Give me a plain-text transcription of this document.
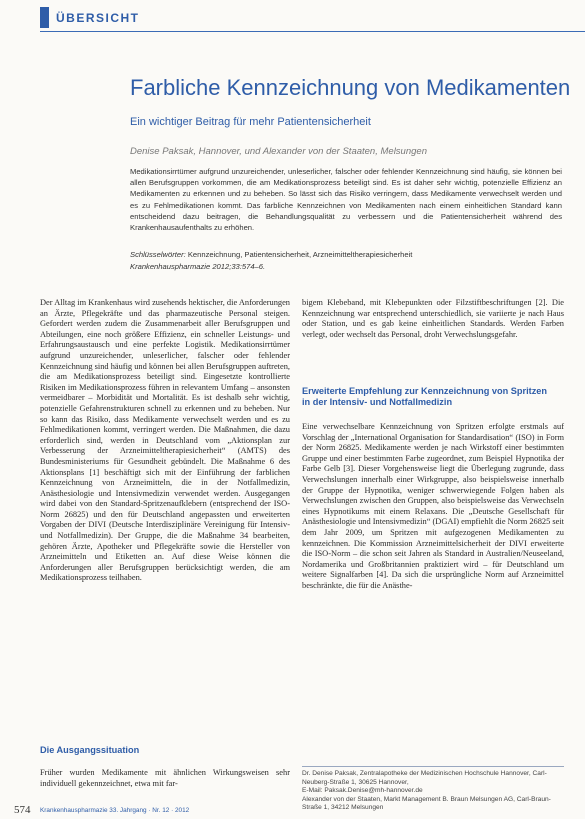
ÜBERSICHT
Farbliche Kennzeichnung von Medikamenten
Ein wichtiger Beitrag für mehr Patientensicherheit
Denise Paksak, Hannover, und Alexander von der Staaten, Melsungen

Medikationsirrtümer aufgrund unzureichender, unleserlicher, falscher oder fehlender Kennzeichnung sind häufig, sie können bei allen Berufsgruppen vorkommen, die am Medikationsprozess beteiligt sind. Es ist daher sehr wichtig, potenzielle Effizienz an Medikamenten zu erkennen und zu beheben. So lässt sich das Risiko verringern, dass Medikamente verwechselt werden und es zu Fehlmedikationen kommt. Das farbliche Kennzeichnen von Medikamenten nach einem einheitlichen Standard kann entscheidend dazu beitragen, die Behandlungsqualität zu verbessern und die Patientensicherheit während des Krankenhausaufenthalts zu erhöhen.

Schlüsselwörter: Kennzeichnung, Patientensicherheit, Arzneimitteltherapiesicherheit

Krankenhauspharmazie 2012;33:574–6.

Der Alltag im Krankenhaus wird zusehends hektischer, die Anforderungen an Ärzte, Pflegekräfte und das pharmazeutische Personal steigen. Gefordert werden zudem die Zusammenarbeit aller Berufsgruppen und Abteilungen, eine noch größere Effizienz, ein schneller Leistungs- und Erfahrungsaustausch und eine perfekte Logistik. Medikationsirrtümer aufgrund unzureichender, unleserlicher, falscher oder fehlender Kennzeichnung sind häufig und können bei allen Berufsgruppen auftreten, die am Medikationsprozess beteiligt sind. Eingesetzte kontrollierte Risiken im Medikationsprozess führen in relevantem Umfang – ansonsten vermeidbarer – Morbidität und Mortalität. Es ist deshalb sehr wichtig, potenzielle Gefahrenstrukturen schnell zu erkennen und zu beheben. Nur so kann das Risiko, dass Medikamente verwechselt werden und es zu Fehlmedikationen kommt, verringert werden. Die Maßnahmen, die dazu erforderlich sind, werden in Deutschland vom „Aktionsplan zur Verbesserung der Arzneimitteltherapiesicherheit“ (AMTS) des Bundesministeriums für Gesundheit gebündelt. Die Maßnahme 6 des Aktionsplans [1] beschäftigt sich mit der Einführung der farblichen Kennzeichnung von Arzneimitteln, die in der Notfallmedizin, Anästhesiologie und Intensivmedizin verwendet werden. Ausgegangen wird dabei von den Standard-Spritzenaufklebern (entsprechend der ISO-Norm 26825) und den für Deutschland angepassten und erweiterten Vorgaben der DIVI (Deutsche Interdisziplinäre Vereinigung für Intensiv- und Notfallmedizin). Der Gruppe, die die Maßnahme 34 bearbeiten, gehören Ärzte, Apotheker und Pflegekräfte sowie die Hersteller von Arzneimitteln und Etiketten an. Auf diese Weise können die Anforderungen aller Berufsgruppen berücksichtigt werden, die am Medikationsprozess teilhaben.

Die Ausgangssituation

Früher wurden Medikamente mit ähnlichen Wirkungsweisen sehr individuell gekennzeichnet, etwa mit far-

bigem Klebeband, mit Klebepunkten oder Filzstiftbeschriftungen [2]. Die Kennzeichnung war entsprechend unterschiedlich, sie variierte je nach Haus oder Station, und es gab keine einheitlichen Standards. Werden Farben verlegt, oder wechselt das Personal, droht Verwechslungsgefahr.

Erweiterte Empfehlung zur Kennzeichnung von Spritzen in der Intensiv- und Notfallmedizin

Eine verwechselbare Kennzeichnung von Spritzen erfolgte erstmals auf Vorschlag der „International Organisation for Standardisation“ (ISO) in Form der Norm 26825. Medikamente werden je nach Wirkstoff einer bestimmten Gruppe und einer bestimmten Farbe zugeordnet, zum Beispiel Hypnotika der Farbe Gelb [3]. Dieser Vorgehensweise liegt die Überlegung zugrunde, dass Verwechslungen innerhalb einer Wirkgruppe, also beispielsweise innerhalb der Gruppe der Hypnotika, weniger schwerwiegende Folgen haben als Verwechslungen zwischen den Gruppen, also beispielsweise das Verwechseln eines Hypnotikums mit einem Relaxans. Die „Deutsche Gesellschaft für Anästhesiologie und Intensivmedizin“ (DGAI) empfiehlt die Norm 26825 seit dem Jahr 2009, um Spritzen mit aufgezogenen Medikamenten zu kennzeichnen. Die Kommission Arzneimittelsicherheit der DIVI erweiterte die ISO-Norm – die schon seit Jahren als Standard in Australien/Neuseeland, Nordamerika und Großbritannien praktiziert wird – für Deutschland um weitere Signalfarben [4]. Da sich die ursprüngliche Norm auf Arzneimittel beschränkte, die für die Anästhe-

Dr. Denise Paksak, Zentralapotheke der Medizinischen Hochschule Hannover, Carl-Neuberg-Straße 1, 30625 Hannover,

E-Mail: Paksak.Denise@mh-hannover.de

Alexander von der Staaten, Markt Management B. Braun Melsungen AG, Carl-Braun-Straße 1, 34212 Melsungen

574 Krankenhauspharmazie 33. Jahrgang · Nr. 12 · 2012
